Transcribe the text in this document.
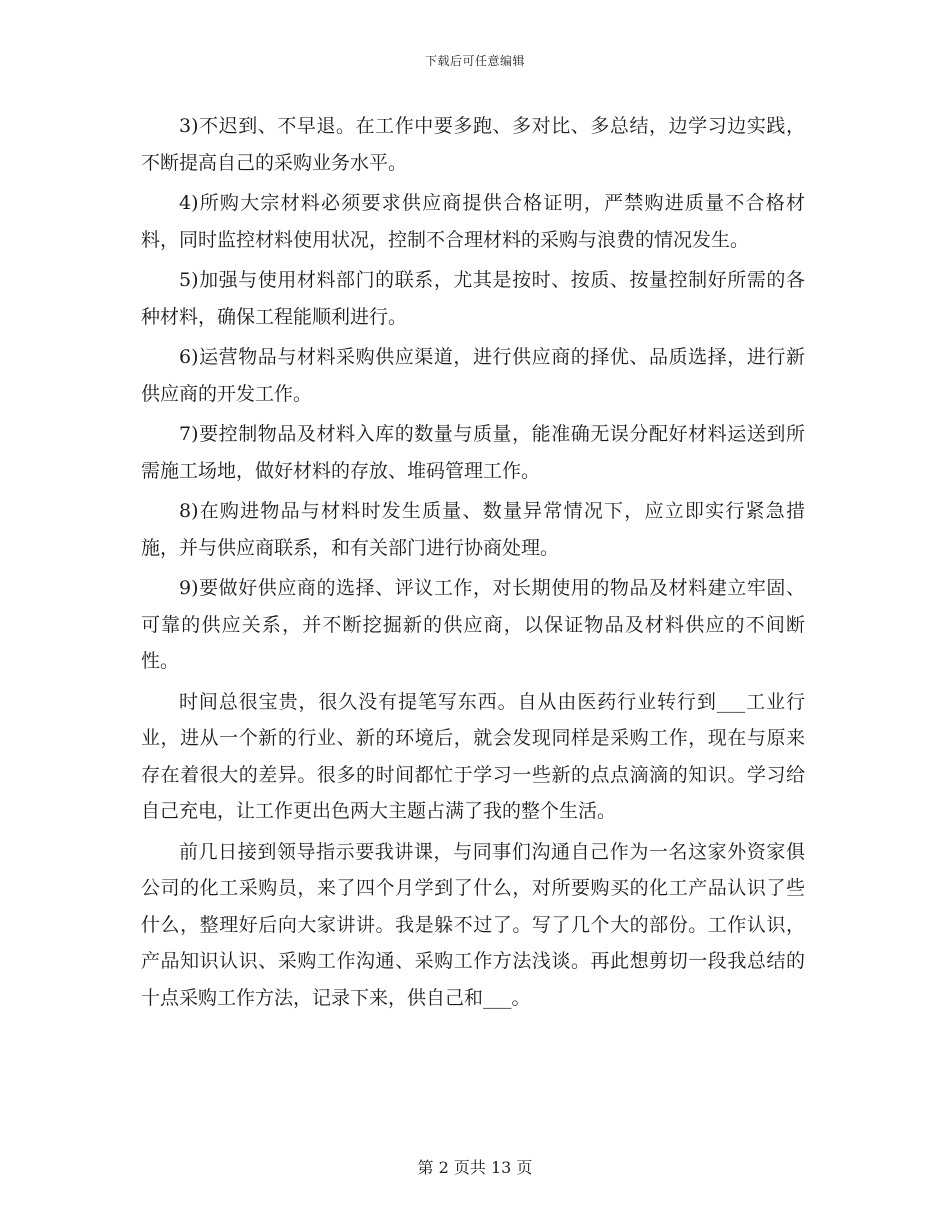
下载后可任意编辑

3)不迟到、不早退。在工作中要多跑、多对比、多总结，边学习边实践，不断提高自己的采购业务水平。

4)所购大宗材料必须要求供应商提供合格证明，严禁购进质量不合格材料，同时监控材料使用状况，控制不合理材料的采购与浪费的情况发生。

5)加强与使用材料部门的联系，尤其是按时、按质、按量控制好所需的各种材料，确保工程能顺利进行。

6)运营物品与材料采购供应渠道，进行供应商的择优、品质选择，进行新供应商的开发工作。

7)要控制物品及材料入库的数量与质量，能准确无误分配好材料运送到所需施工场地，做好材料的存放、堆码管理工作。

8)在购进物品与材料时发生质量、数量异常情况下，应立即实行紧急措施，并与供应商联系，和有关部门进行协商处理。

9)要做好供应商的选择、评议工作，对长期使用的物品及材料建立牢固、可靠的供应关系，并不断挖掘新的供应商，以保证物品及材料供应的不间断性。

时间总很宝贵，很久没有提笔写东西。自从由医药行业转行到___工业行业，进从一个新的行业、新的环境后，就会发现同样是采购工作，现在与原来存在着很大的差异。很多的时间都忙于学习一些新的点点滴滴的知识。学习给自己充电，让工作更出色两大主题占满了我的整个生活。

前几日接到领导指示要我讲课，与同事们沟通自己作为一名这家外资家俱公司的化工采购员，来了四个月学到了什么，对所要购买的化工产品认识了些什么，整理好后向大家讲讲。我是躲不过了。写了几个大的部份。工作认识，产品知识认识、采购工作沟通、采购工作方法浅谈。再此想剪切一段我总结的十点采购工作方法，记录下来，供自己和___。

第 2 页共 13 页
